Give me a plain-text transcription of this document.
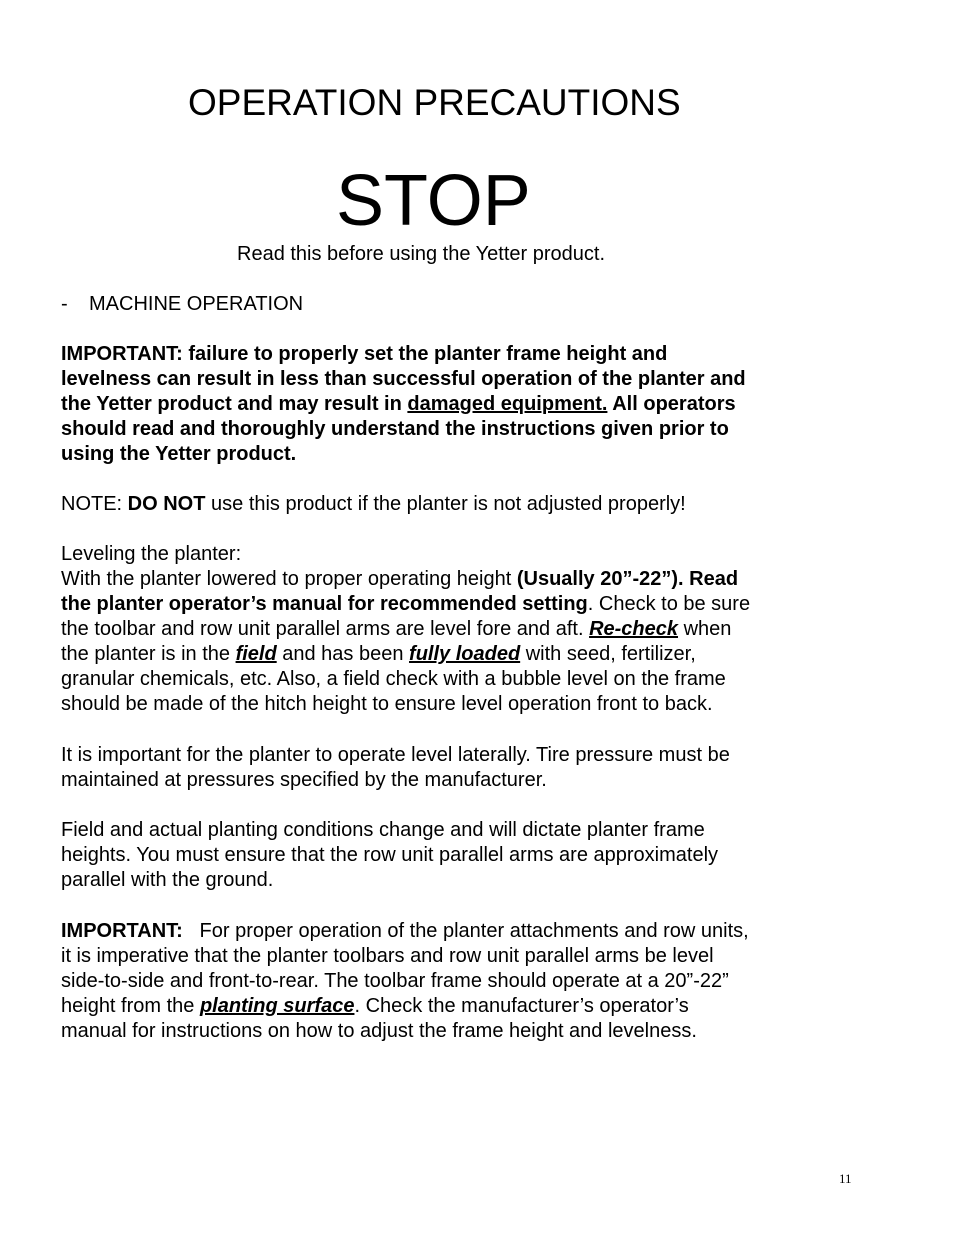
OPERATION PRECAUTIONS
STOP
Read this before using the Yetter product.
- MACHINE OPERATION
IMPORTANT: failure to properly set the planter frame height and
levelness can result in less than successful operation of the planter and
the Yetter product and may result in damaged equipment. All operators
should read and thoroughly understand the instructions given prior to
using the Yetter product.
NOTE: DO NOT use this product if the planter is not adjusted properly!
Leveling the planter:
With the planter lowered to proper operating height (Usually 20”-22”). Read
the planter operator’s manual for recommended setting. Check to be sure
the toolbar and row unit parallel arms are level fore and aft. Re-check when
the planter is in the field and has been fully loaded with seed, fertilizer,
granular chemicals, etc. Also, a field check with a bubble level on the frame
should be made of the hitch height to ensure level operation front to back.
It is important for the planter to operate level laterally. Tire pressure must be
maintained at pressures specified by the manufacturer.
Field and actual planting conditions change and will dictate planter frame
heights. You must ensure that the row unit parallel arms are approximately
parallel with the ground.
IMPORTANT:   For proper operation of the planter attachments and row units,
it is imperative that the planter toolbars and row unit parallel arms be level
side-to-side and front-to-rear. The toolbar frame should operate at a 20”-22”
height from the planting surface. Check the manufacturer’s operator’s
manual for instructions on how to adjust the frame height and levelness.
11
